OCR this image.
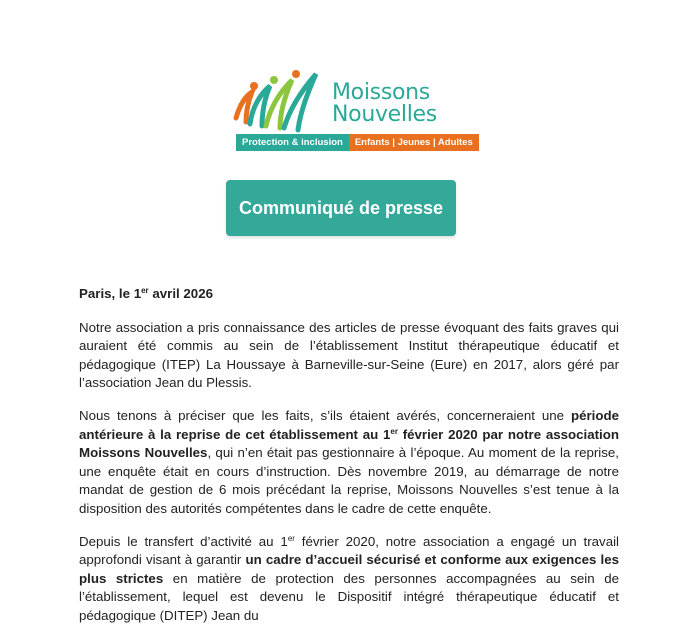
Moissons
Nouvelles
Protection & inclusion	Enfants | Jeunes | Adultes
Communiqué de presse
Paris, le 1er avril 2026

Notre association a pris connaissance des articles de presse évoquant des faits graves qui auraient été commis au sein de l’établissement Institut thérapeutique éducatif et pédagogique (ITEP) La Houssaye à Barneville-sur-Seine (Eure) en 2017, alors géré par l’association Jean du Plessis.

Nous tenons à préciser que les faits, s’ils étaient avérés, concerneraient une période antérieure à la reprise de cet établissement au 1er février 2020 par notre association Moissons Nouvelles, qui n’en était pas gestionnaire à l’époque. Au moment de la reprise, une enquête était en cours d’instruction. Dès novembre 2019, au démarrage de notre mandat de gestion de 6 mois précédant la reprise, Moissons Nouvelles s’est tenue à la disposition des autorités compétentes dans le cadre de cette enquête.

Depuis le transfert d’activité au 1er février 2020, notre association a engagé un travail approfondi visant à garantir un cadre d’accueil sécurisé et conforme aux exigences les plus strictes en matière de protection des personnes accompagnées au sein de l’établissement, lequel est devenu le Dispositif intégré thérapeutique éducatif et pédagogique (DITEP) Jean du
